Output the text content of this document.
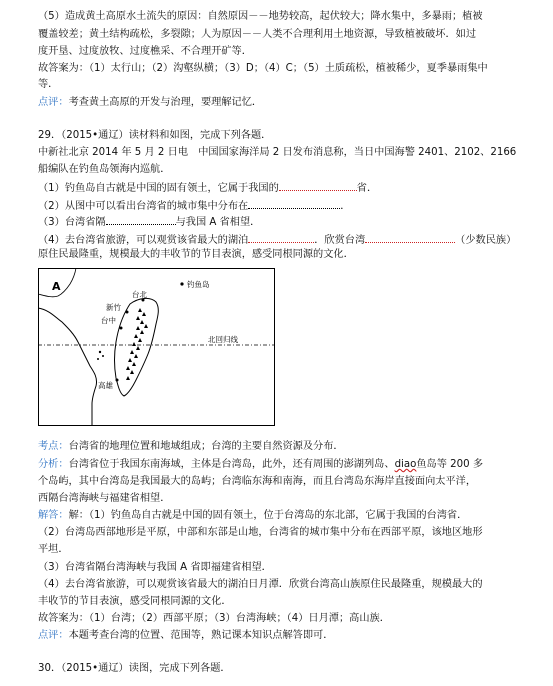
（5）造成黄土高原水土流失的原因：自然原因－－地势较高，起伏较大；降水集中，多暴雨；植被
覆盖较差；黄土结构疏松，多裂隙；人为原因－－人类不合理利用土地资源，导致植被破坏．如过
度开垦、过度放牧、过度樵采、不合理开矿等．
故答案为：（1）太行山；（2）沟壑纵横；（3）D；（4）C；（5）土质疏松，植被稀少，夏季暴雨集中
等．
点评：考查黄土高原的开发与治理，要理解记忆．
29．（2015•通辽）读材料和如图，完成下列各题．
中新社北京 2014 年 5 月 2 日电　中国国家海洋局 2 日发布消息称，当日中国海警 2401、2102、2166
船编队在钓鱼岛领海内巡航．
（1）钓鱼岛自古就是中国的固有领土，它属于我国的	省．
（2）从图中可以看出台湾省的城市集中分布在	．
（3）台湾省隔	与我国 A 省相望．
（4）去台湾省旅游，可以观赏该省最大的湖泊	．欣赏台湾	（少数民族）
原住民最隆重，规模最大的丰收节的节目表演，感受同根同源的文化．
A	钓鱼岛
台北
新竹
台中
高雄
北回归线
考点：台湾省的地理位置和地域组成；台湾的主要自然资源及分布．
分析：台湾省位于我国东南海域，主体是台湾岛，此外，还有周围的澎湖列岛、diao鱼岛等 200 多
个岛屿，其中台湾岛是我国最大的岛屿；台湾临东海和南海，而且台湾岛东海岸直接面向太平洋，
西隔台湾海峡与福建省相望．
解答：解：（1）钓鱼岛自古就是中国的固有领土，位于台湾岛的东北部，它属于我国的台湾省．
（2）台湾岛西部地形是平原，中部和东部是山地，台湾省的城市集中分布在西部平原，该地区地形
平坦．
（3）台湾省隔台湾海峡与我国 A 省即福建省相望．
（4）去台湾省旅游，可以观赏该省最大的湖泊日月潭．欣赏台湾高山族原住民最隆重，规模最大的
丰收节的节目表演，感受同根同源的文化．
故答案为：（1）台湾；（2）西部平原；（3）台湾海峡；（4）日月潭；高山族．
点评：本题考查台湾的位置、范围等，熟记课本知识点解答即可．
30．（2015•通辽）读图，完成下列各题．
